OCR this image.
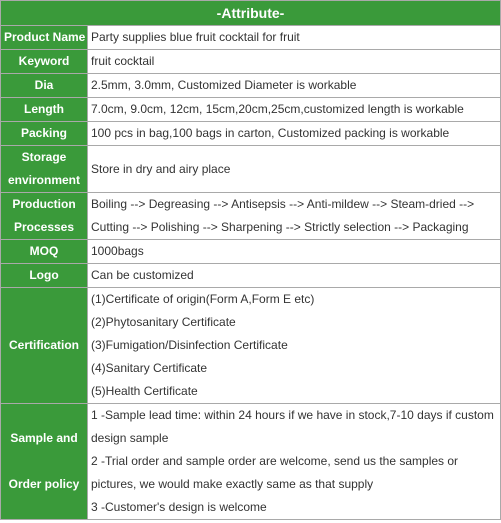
-Attribute-	

Product Name	Party supplies blue fruit cocktail for fruit

Keyword	fruit cocktail

Dia	2.5mm, 3.0mm, Customized Diameter is workable

Length	7.0cm, 9.0cm, 12cm, 15cm,20cm,25cm,customized length is workable

Packing	100 pcs in bag,100 bags in carton, Customized packing is workable

Storage
environment	Store in dry and airy place

Production
Processes	Boiling --> Degreasing --> Antisepsis --> Anti-mildew --> Steam-dried -->
Cutting --> Polishing --> Sharpening --> Strictly selection --> Packaging

MOQ	1000bags

Logo	Can be customized

Certification	(1)Certificate of origin(Form A,Form E etc)
(2)Phytosanitary Certificate
(3)Fumigation/Disinfection Certificate
(4)Sanitary Certificate
(5)Health Certificate

Sample and

Order policy	1 -Sample lead time: within 24 hours if we have in stock,7-10 days if custom
design sample
2 -Trial order and sample order are welcome, send us the samples or
pictures, we would make exactly same as that supply
3 -Customer's design is welcome
